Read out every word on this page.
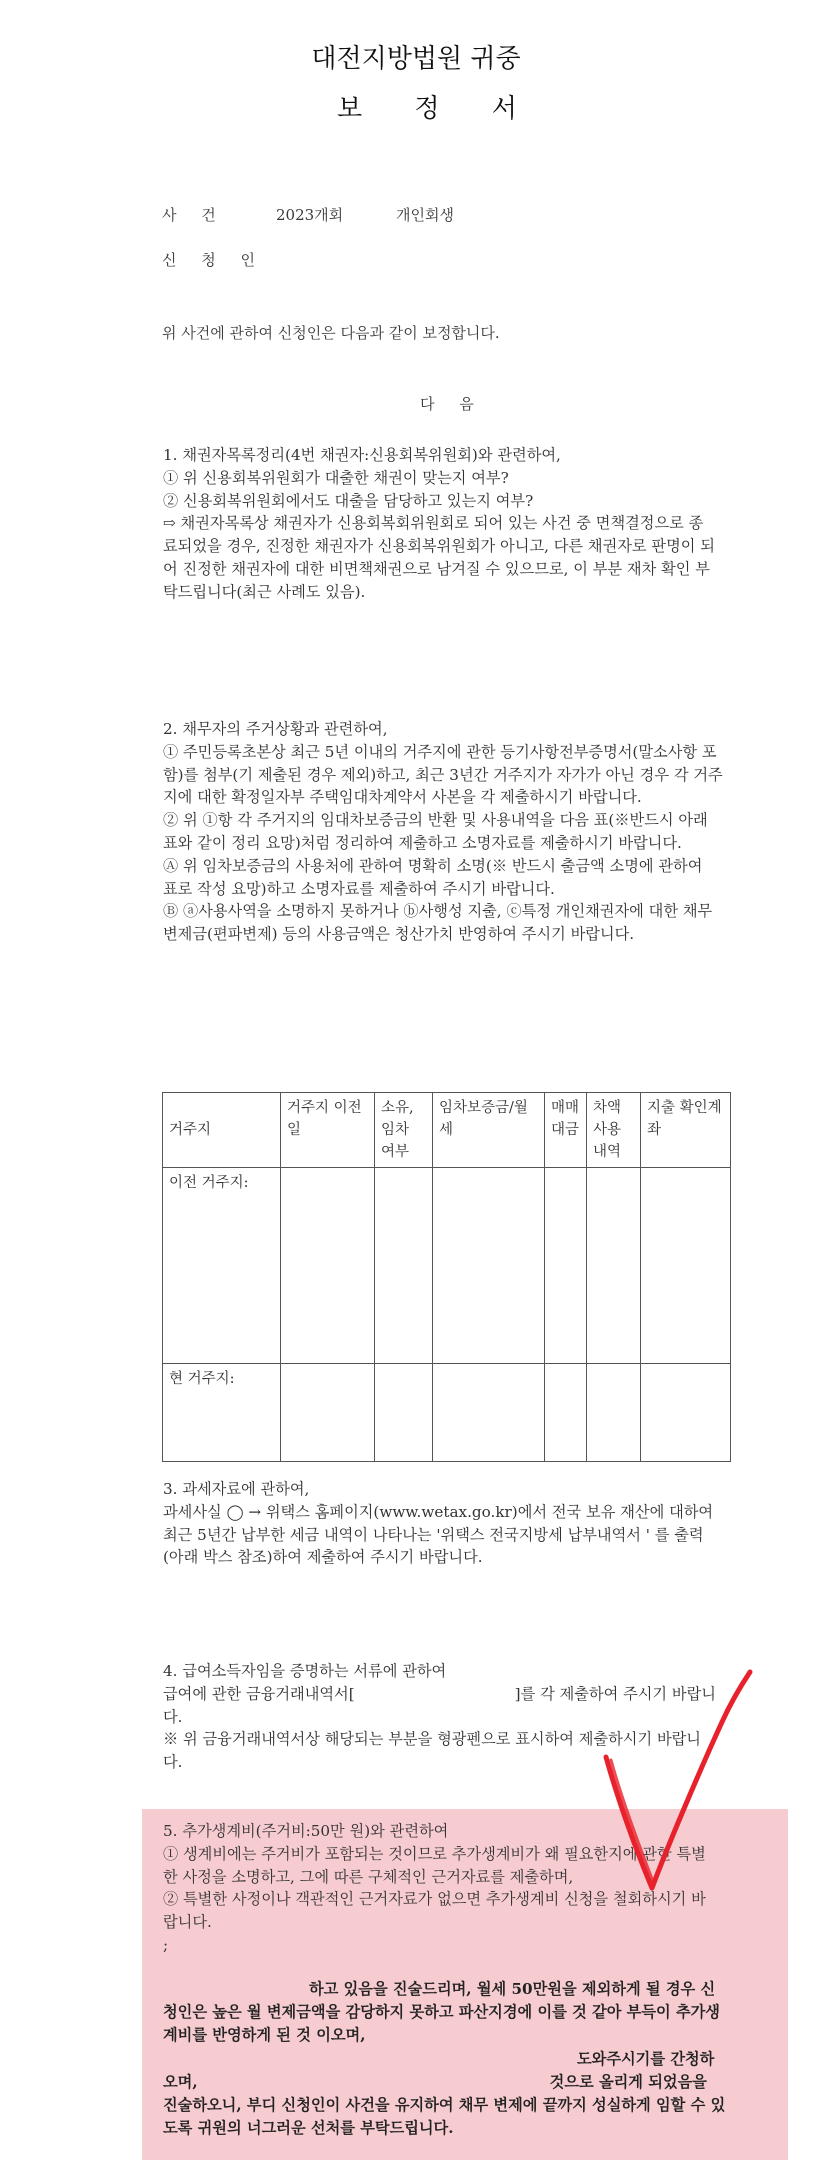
대전지방법원 귀중
보 정 서
사 건	2023개회	개인회생
신 청 인
위 사건에 관하여 신청인은 다음과 같이 보정합니다.
다 음
1. 채권자목록정리(4번 채권자:신용회복위원회)와 관련하여,
① 위 신용회복위원회가 대출한 채권이 맞는지 여부?
② 신용회복위원회에서도 대출을 담당하고 있는지 여부?
⇨ 채권자목록상 채권자가 신용회복회위원회로 되어 있는 사건 중 면책결정으로 종
료되었을 경우, 진정한 채권자가 신용회복위원회가 아니고, 다른 채권자로 판명이 되
어 진정한 채권자에 대한 비면책채권으로 남겨질 수 있으므로, 이 부분 재차 확인 부
탁드립니다(최근 사례도 있음).
2. 채무자의 주거상황과 관련하여,
① 주민등록초본상 최근 5년 이내의 거주지에 관한 등기사항전부증명서(말소사항 포
함)를 첨부(기 제출된 경우 제외)하고, 최근 3년간 거주지가 자가가 아닌 경우 각 거주
지에 대한 확정일자부 주택임대차계약서 사본을 각 제출하시기 바랍니다.
② 위 ①항 각 주거지의 임대차보증금의 반환 및 사용내역을 다음 표(※반드시 아래
표와 같이 정리 요망)처럼 정리하여 제출하고 소명자료를 제출하시기 바랍니다.
Ⓐ 위 임차보증금의 사용처에 관하여 명확히 소명(※ 반드시 출금액 소명에 관하여
표로 작성 요망)하고 소명자료를 제출하여 주시기 바랍니다.
Ⓑ ⓐ사용사역을 소명하지 못하거나 ⓑ사행성 지출, ⓒ특정 개인채권자에 대한 채무
변제금(편파변제) 등의 사용금액은 청산가치 반영하여 주시기 바랍니다.
거주지	거주지 이전일	소유, 임차 여부	임차보증금/월세	매매 대금	차액 사용 내역	지출 확인계좌
이전 거주지:						
현 거주지:						
3. 과세자료에 관하여,
과세사실 ◯ → 위택스 홈페이지(www.wetax.go.kr)에서 전국 보유 재산에 대하여
최근 5년간 납부한 세금 내역이 나타나는 '위택스 전국지방세 납부내역서 ' 를 출력
(아래 박스 참조)하여 제출하여 주시기 바랍니다.
4. 급여소득자임을 증명하는 서류에 관하여
급여에 관한 금융거래내역서[	]를 각 제출하여 주시기 바랍니
다.
※ 위 금융거래내역서상 해당되는 부분을 형광펜으로 표시하여 제출하시기 바랍니
다.
5. 추가생계비(주거비:50만 원)와 관련하여
① 생계비에는 주거비가 포함되는 것이므로 추가생계비가 왜 필요한지에 관한 특별
한 사정을 소명하고, 그에 따른 구체적인 근거자료를 제출하며,
② 특별한 사정이나 객관적인 근거자료가 없으면 추가생계비 신청을 철회하시기 바
랍니다.
;
하고 있음을 진술드리며, 월세 50만원을 제외하게 될 경우 신
청인은 높은 월 변제금액을 감당하지 못하고 파산지경에 이를 것 같아 부득이 추가생
계비를 반영하게 된 것 이오며,
도와주시기를 간청하
오며,	것으로 올리게 되었음을
진술하오니, 부디 신청인이 사건을 유지하여 채무 변제에 끝까지 성실하게 임할 수 있
도록 귀원의 너그러운 선처를 부탁드립니다.
